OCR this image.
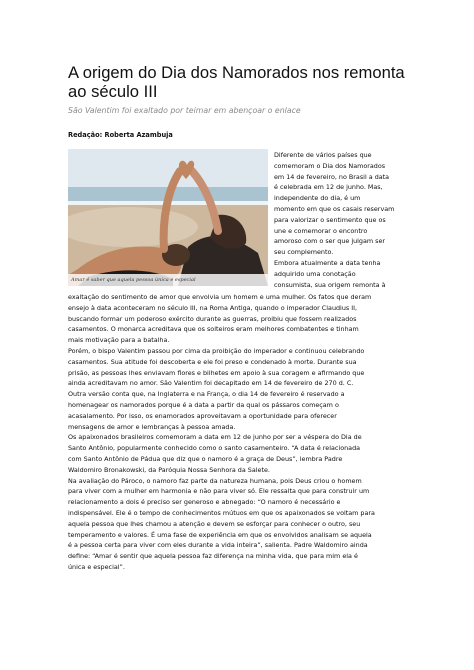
A origem do Dia dos Namorados nos remonta
ao século III
São Valentim foi exaltado por teimar em abençoar o enlace
Redação: Roberta Azambuja
Amar é saber que aquela pessoa única e especial

Diferente de vários países que
comemoram o Dia dos Namorados
em 14 de fevereiro, no Brasil a data
é celebrada em 12 de junho. Mas,
independente do dia, é um
momento em que os casais reservam
para valorizar o sentimento que os
une e comemorar o encontro
amoroso com o ser que julgam ser
seu complemento.
Embora atualmente a data tenha
adquirido uma conotação
consumista, sua origem remonta à

exaltação do sentimento de amor que envolvia um homem e uma mulher. Os fatos que deram
ensejo à data aconteceram no século III, na Roma Antiga, quando o imperador Claudius II,
buscando formar um poderoso exército durante as guerras, proibiu que fossem realizados
casamentos. O monarca acreditava que os solteiros eram melhores combatentes e tinham
mais motivação para a batalha.
Porém, o bispo Valentim passou por cima da proibição do imperador e continuou celebrando
casamentos. Sua atitude foi descoberta e ele foi preso e condenado à morte. Durante sua
prisão, as pessoas lhes enviavam flores e bilhetes em apoio à sua coragem e afirmando que
ainda acreditavam no amor. São Valentim foi decapitado em 14 de fevereiro de 270 d. C.
Outra versão conta que, na Inglaterra e na França, o dia 14 de fevereiro é reservado a
homenagear os namorados porque é a data a partir da qual os pássaros começam o
acasalamento. Por isso, os enamorados aproveitavam a oportunidade para oferecer
mensagens de amor e lembranças à pessoa amada.
Os apaixonados brasileiros comemoram a data em 12 de junho por ser a véspera do Dia de
Santo Antônio, popularmente conhecido como o santo casamenteiro. “A data é relacionada
com Santo Antônio de Pádua que diz que o namoro é a graça de Deus”, lembra Padre
Waldomiro Bronakowski, da Paróquia Nossa Senhora da Salete.
Na avaliação do Pároco, o namoro faz parte da natureza humana, pois Deus criou o homem
para viver com a mulher em harmonia e não para viver só. Ele ressalta que para construir um
relacionamento a dois é preciso ser generoso e abnegado: “O namoro é necessário e
indispensável. Ele é o tempo de conhecimentos mútuos em que os apaixonados se voltam para
aquela pessoa que lhes chamou a atenção e devem se esforçar para conhecer o outro, seu
temperamento e valores. É uma fase de experiência em que os envolvidos analisam se aquela
é a pessoa certa para viver com eles durante a vida inteira”, salienta. Padre Waldomiro ainda
define: “Amar é sentir que aquela pessoa faz diferença na minha vida, que para mim ela é
única e especial”.
